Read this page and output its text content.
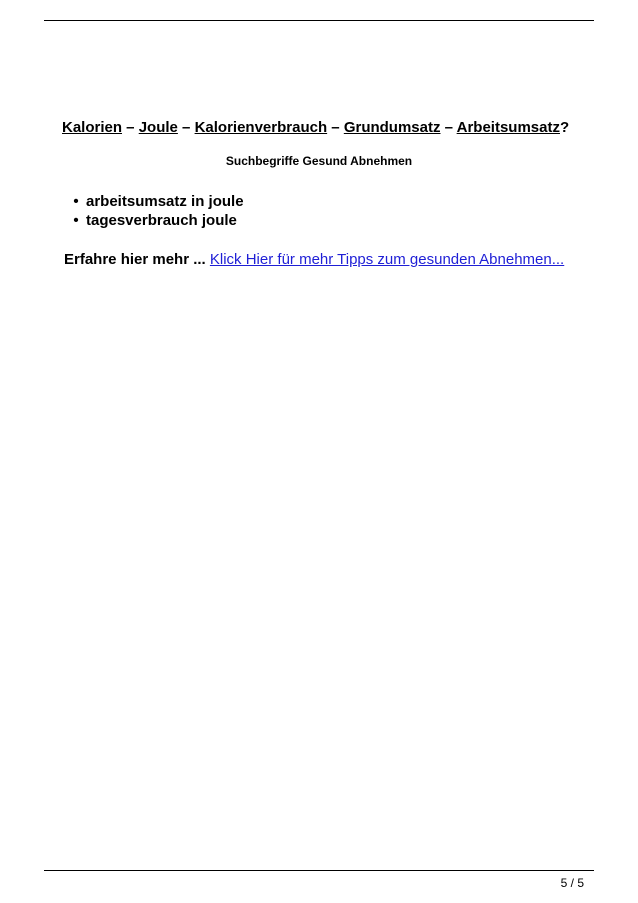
Kalorien – Joule – Kalorienverbrauch – Grundumsatz – Arbeitsumsatz?

Suchbegriffe Gesund Abnehmen
• arbeitsumsatz in joule
• tagesverbrauch joule
Erfahre hier mehr ... Klick Hier für mehr Tipps zum gesunden Abnehmen...
5 / 5
